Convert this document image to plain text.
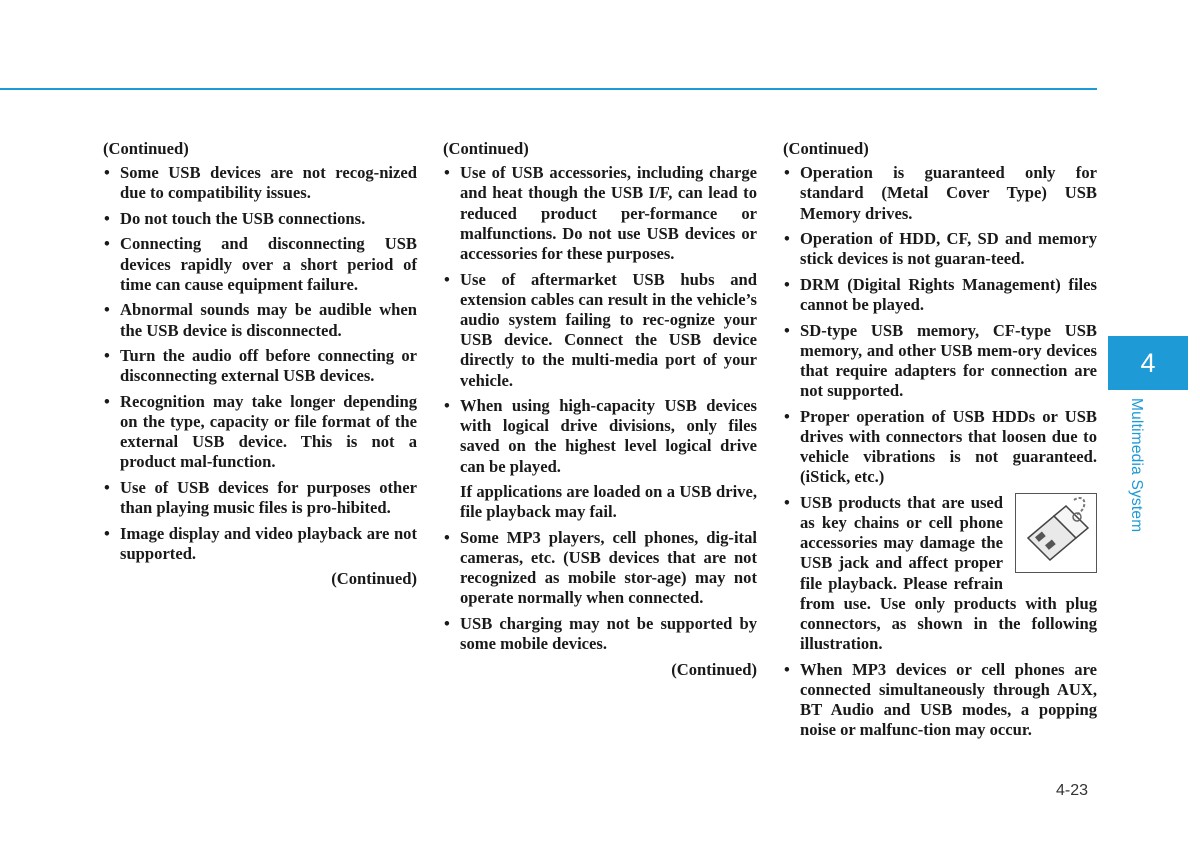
(Continued)
• Some USB devices are not recog-nized due to compatibility issues.
• Do not touch the USB connections.
• Connecting and disconnecting USB devices rapidly over a short period of time can cause equipment failure.
• Abnormal sounds may be audible when the USB device is disconnected.
• Turn the audio off before connecting or disconnecting external USB devices.
• Recognition may take longer depending on the type, capacity or file format of the external USB device. This is not a product mal-function.
• Use of USB devices for purposes other than playing music files is pro-hibited.
• Image display and video playback are not supported.
(Continued)
(Continued)
• Use of USB accessories, including charge and heat though the USB I/F, can lead to reduced product per-formance or malfunctions. Do not use USB devices or accessories for these purposes.
• Use of aftermarket USB hubs and extension cables can result in the vehicle’s audio system failing to rec-ognize your USB device. Connect the USB device directly to the multi-media port of your vehicle.
• When using high-capacity USB devices with logical drive divisions, only files saved on the highest level logical drive can be played.

If applications are loaded on a USB drive, file playback may fail.

• Some MP3 players, cell phones, dig-ital cameras, etc. (USB devices that are not recognized as mobile stor-age) may not operate normally when connected.
• USB charging may not be supported by some mobile devices.
(Continued)
(Continued)
• Operation is guaranteed only for standard (Metal Cover Type) USB Memory drives.
• Operation of HDD, CF, SD and memory stick devices is not guaran-teed.
• DRM (Digital Rights Management) files cannot be played.
• SD-type USB memory, CF-type USB memory, and other USB mem-ory devices that require adapters for connection are not supported.
• Proper operation of USB HDDs or USB drives with connectors that loosen due to vehicle vibrations is not guaranteed. (iStick, etc.)
• USB products that are used as key chains or cell phone accessories may damage the USB jack and affect proper file playback. Please refrain from use. Use only products with plug connectors, as shown in the following illustration.
• When MP3 devices or cell phones are connected simultaneously through AUX, BT Audio and USB modes, a popping noise or malfunc-tion may occur.
4
Multimedia System
4-23
